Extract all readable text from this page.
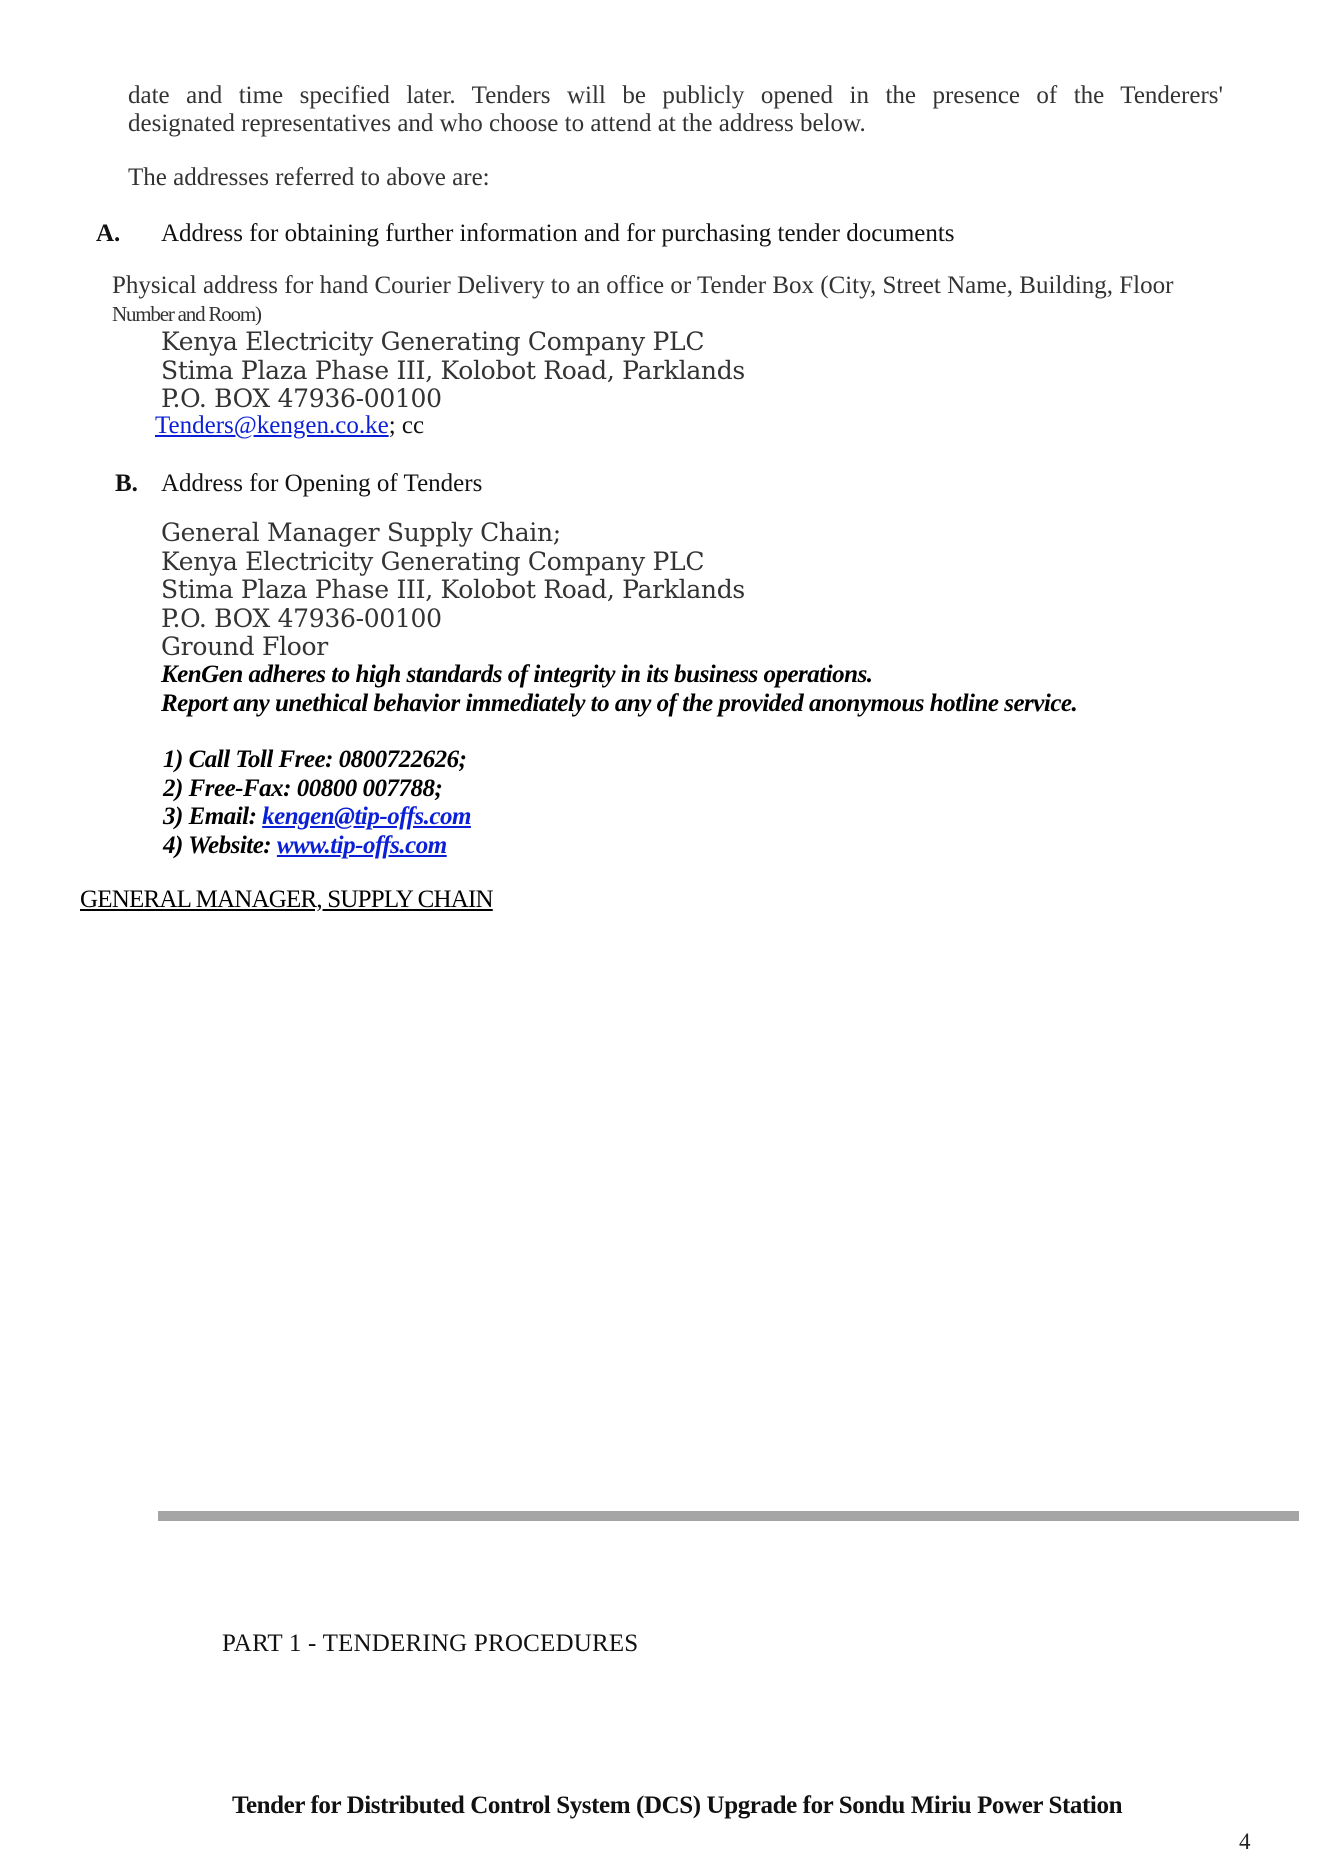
date and time specified later. Tenders will be publicly opened in the presence of the Tenderers'

designated representatives and who choose to attend at the address below.

The addresses referred to above are:
A. Address for obtaining further information and for purchasing tender documents
Physical address for hand Courier Delivery to an office or Tender Box (City, Street Name, Building, Floor
Number and Room)
Kenya Electricity Generating Company PLC
Stima Plaza Phase III, Kolobot Road, Parklands
P.O. BOX 47936-00100
Tenders@kengen.co.ke; cc
B. Address for Opening of Tenders
General Manager Supply Chain;
Kenya Electricity Generating Company PLC
Stima Plaza Phase III, Kolobot Road, Parklands
P.O. BOX 47936-00100
Ground Floor
KenGen adheres to high standards of integrity in its business operations.
Report any unethical behavior immediately to any of the provided anonymous hotline service.
1) Call Toll Free: 0800722626;
2) Free-Fax: 00800 007788;
3) Email: kengen@tip-offs.com
4) Website: www.tip-offs.com
GENERAL MANAGER, SUPPLY CHAIN
PART 1 - TENDERING PROCEDURES
Tender for Distributed Control System (DCS) Upgrade for Sondu Miriu Power Station
4
